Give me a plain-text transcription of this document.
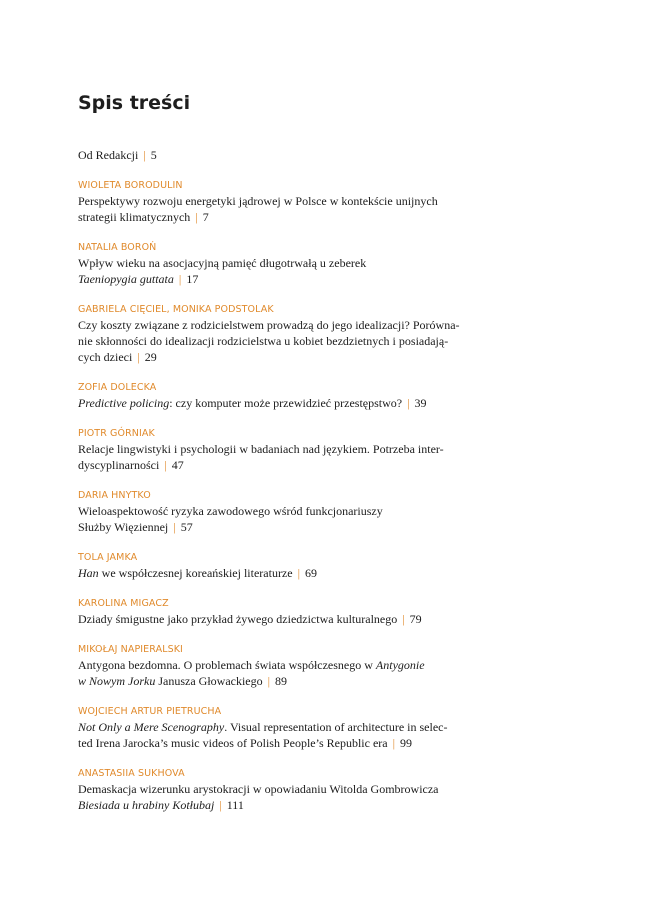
Spis treści
Od Redakcji | 5
WIOLETA BORODULIN
Perspektywy rozwoju energetyki jądrowej w Polsce w kontekście unijnych
strategii klimatycznych | 7
NATALIA BOROŃ
Wpływ wieku na asocjacyjną pamięć długotrwałą u zeberek
Taeniopygia guttata | 17
GABRIELA CIĘCIEL, MONIKA PODSTOLAK
Czy koszty związane z rodzicielstwem prowadzą do jego idealizacji? Porówna-
nie skłonności do idealizacji rodzicielstwa u kobiet bezdzietnych i posiadają-
cych dzieci | 29
ZOFIA DOLECKA
Predictive policing: czy komputer może przewidzieć przestępstwo? | 39
PIOTR GÓRNIAK
Relacje lingwistyki i psychologii w badaniach nad językiem. Potrzeba inter-
dyscyplinarności | 47
DARIA HNYTKO
Wieloaspektowość ryzyka zawodowego wśród funkcjonariuszy
Służby Więziennej | 57
TOLA JAMKA
Han we współczesnej koreańskiej literaturze | 69
KAROLINA MIGACZ
Dziady śmigustne jako przykład żywego dziedzictwa kulturalnego | 79
MIKOŁAJ NAPIERALSKI
Antygona bezdomna. O problemach świata współczesnego w Antygonie
w Nowym Jorku Janusza Głowackiego | 89
WOJCIECH ARTUR PIETRUCHA
Not Only a Mere Scenography. Visual representation of architecture in selec-
ted Irena Jarocka’s music videos of Polish People’s Republic era | 99
ANASTASIIA SUKHOVA
Demaskacja wizerunku arystokracji w opowiadaniu Witolda Gombrowicza
Biesiada u hrabiny Kotłubaj | 111
